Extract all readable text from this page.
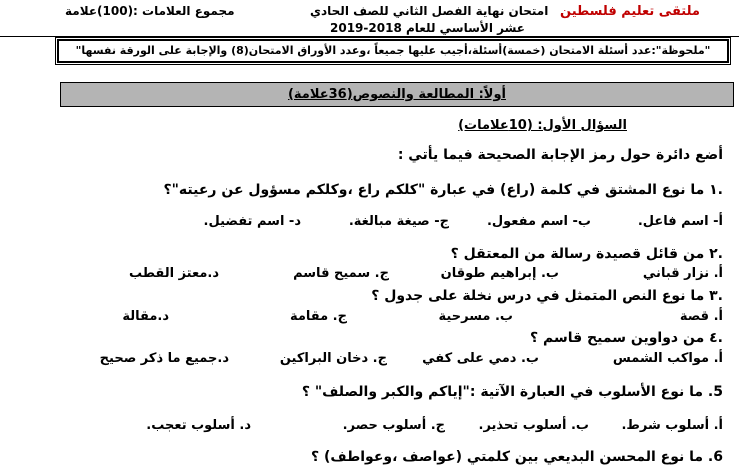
ملتقى تعليم فلسطين
امتحان نهاية الفصل الثاني للصف الحادي
مجموع العلامات :(100)علامة
عشر الأساسي للعام 2018-2019
"ملحوظة":عدد أسئلة الامتحان (خمسة)أسئلة،أجيب عليها جميعاً ،وعدد الأوراق الامتحان(8) والإجابة على الورقة نفسها"
أولاً: المطالعة والنصوص(36علامة)
السؤال الأول: (10علامات)
أضع دائرة حول رمز الإجابة الصحيحة فيما يأتي :
.١ ما نوع المشتق في كلمة (راع) في عبارة "كلكم راع ،وكلكم مسؤول عن رعيته"؟
أ- اسم فاعل.
ب- اسم مفعول.
ج- صيغة مبالغة.
د- اسم تفضيل.
.٢ من قائل قصيدة رسالة من المعتقل ؟
أ. نزار قباني
ب. إبراهيم طوقان
ج. سميح قاسم
د.معتز القطب
.٣ ما نوع النص المتمثل في درس نخلة على جدول ؟
أ. قصة
ب. مسرحية
ج. مقامة
د.مقالة
.٤ من دواوين سميح قاسم ؟
أ. مواكب الشمس
ب. دمي على كفي
ج. دخان البراكين
د.جميع ما ذكر صحيح
5. ما نوع الأسلوب في العبارة الآتية :"إياكم والكبر والصلف" ؟
أ. أسلوب شرط.
ب. أسلوب تحذير.
ج. أسلوب حصر.
د. أسلوب تعجب.
6. ما نوع المحسن البديعي بين كلمتي (عواصف ،وعواطف) ؟
